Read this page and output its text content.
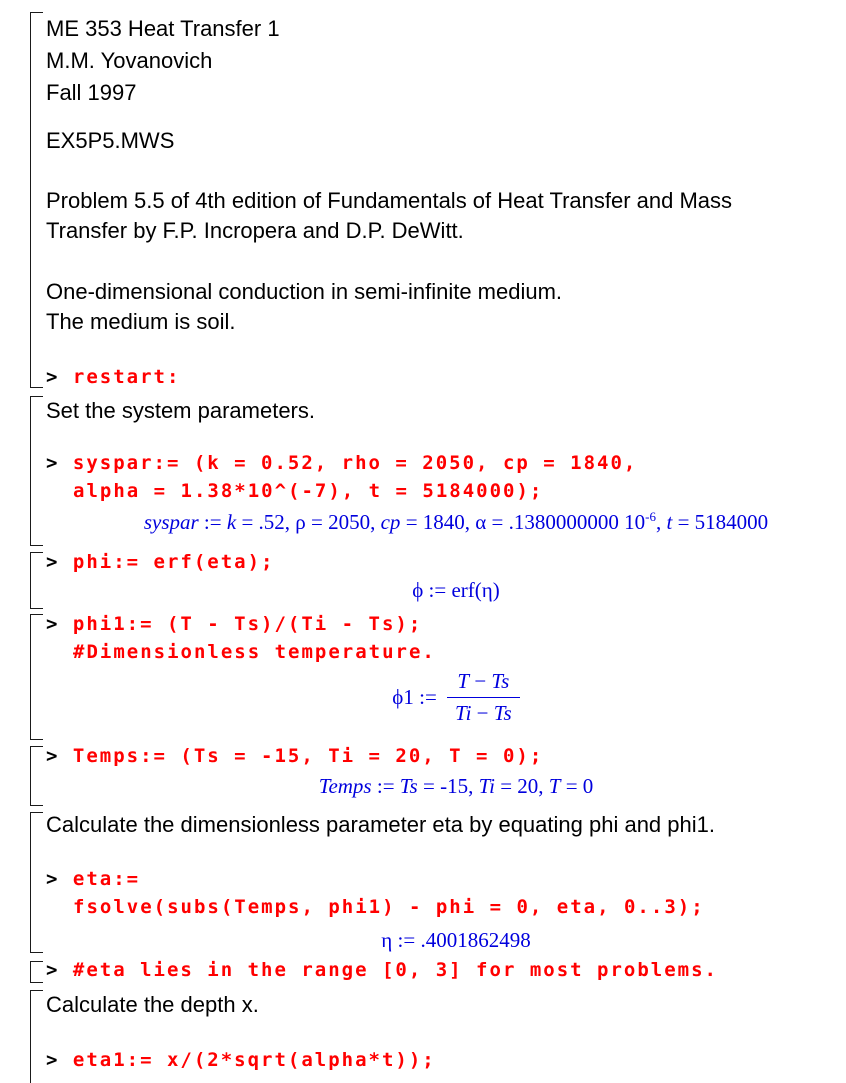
ME 353 Heat Transfer 1
M.M. Yovanovich
Fall 1997
EX5P5.MWS
Problem 5.5 of 4th edition of Fundamentals of Heat Transfer and Mass
Transfer by F.P. Incropera and D.P. DeWitt.
One-dimensional conduction in semi-infinite medium.
The medium is soil.
> restart:
Set the system parameters.
> syspar:= (k = 0.52, rho = 2050, cp = 1840,
alpha = 1.38*10^(-7), t = 5184000);
syspar := k = .52, ρ = 2050, cp = 1840, α = .1380000000 $10^{-6}$, t = 5184000
> phi:= erf(eta);
ϕ := erf(η)
> phi1:= (T - Ts)/(Ti - Ts);
#Dimensionless temperature.
ϕ 1 := $\frac{T - Ts}{Ti - Ts}$
> Temps:= (Ts = -15, Ti = 20, T = 0);
Temps := Ts = -15, Ti = 20, T = 0
Calculate the dimensionless parameter eta by equating phi and phi1.
> eta:=
fsolve(subs(Temps, phi1) - phi = 0, eta, 0..3);
η := .4001862498
> #eta lies in the range [0, 3] for most problems.
Calculate the depth x.
> eta1:= x/(2*sqrt(alpha*t));
